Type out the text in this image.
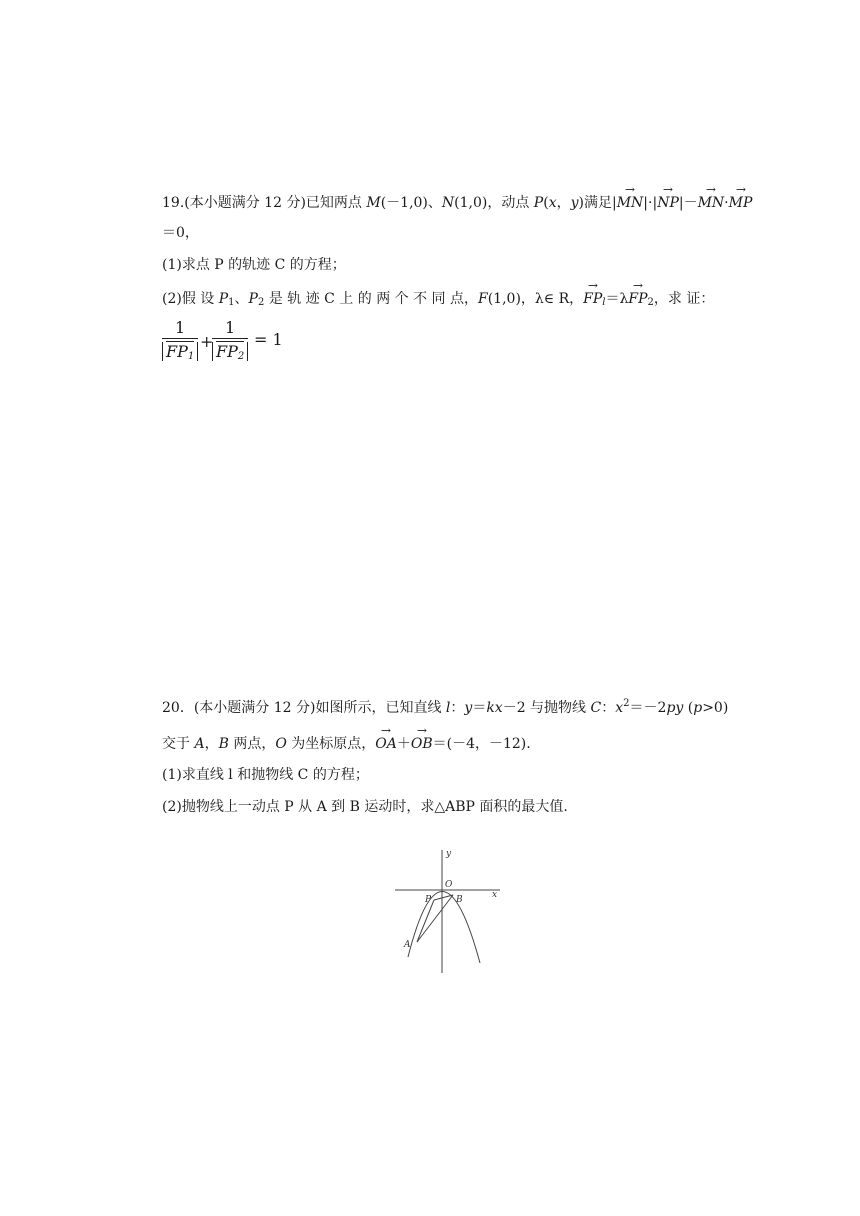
19.(本小题满分 12 分)已知两点 M(－1,0)、N(1,0)，动点 P(x，y)满足|→ MN|·|→ NP|－→ MN·→ MP
＝0，
(1)求点 P 的轨迹 C 的方程；
(2)假 设 $P_1$、$P_2$ 是 轨 迹 C 上 的 两 个 不 同 点，F(1,0)，λ∈ R，→ $FP_l=\lambda\to FP_2$，求 证：
$\frac{1}{FP_1}$ +
$\frac{1}{FP_2} = 1$
20．(本小题满分 12 分)如图所示，已知直线 l：y＝kx－2 与抛物线 C：$x^2=-2py$ (p>0)
交于 A，B 两点，O 为坐标原点，→ OA＋→ OB＝(－4，－12).
(1)求直线 l 和抛物线 C 的方程；
(2)抛物线上一动点 P 从 A 到 B 运动时，求△ABP 面积的最大值.
y
x
O
P	B
A
